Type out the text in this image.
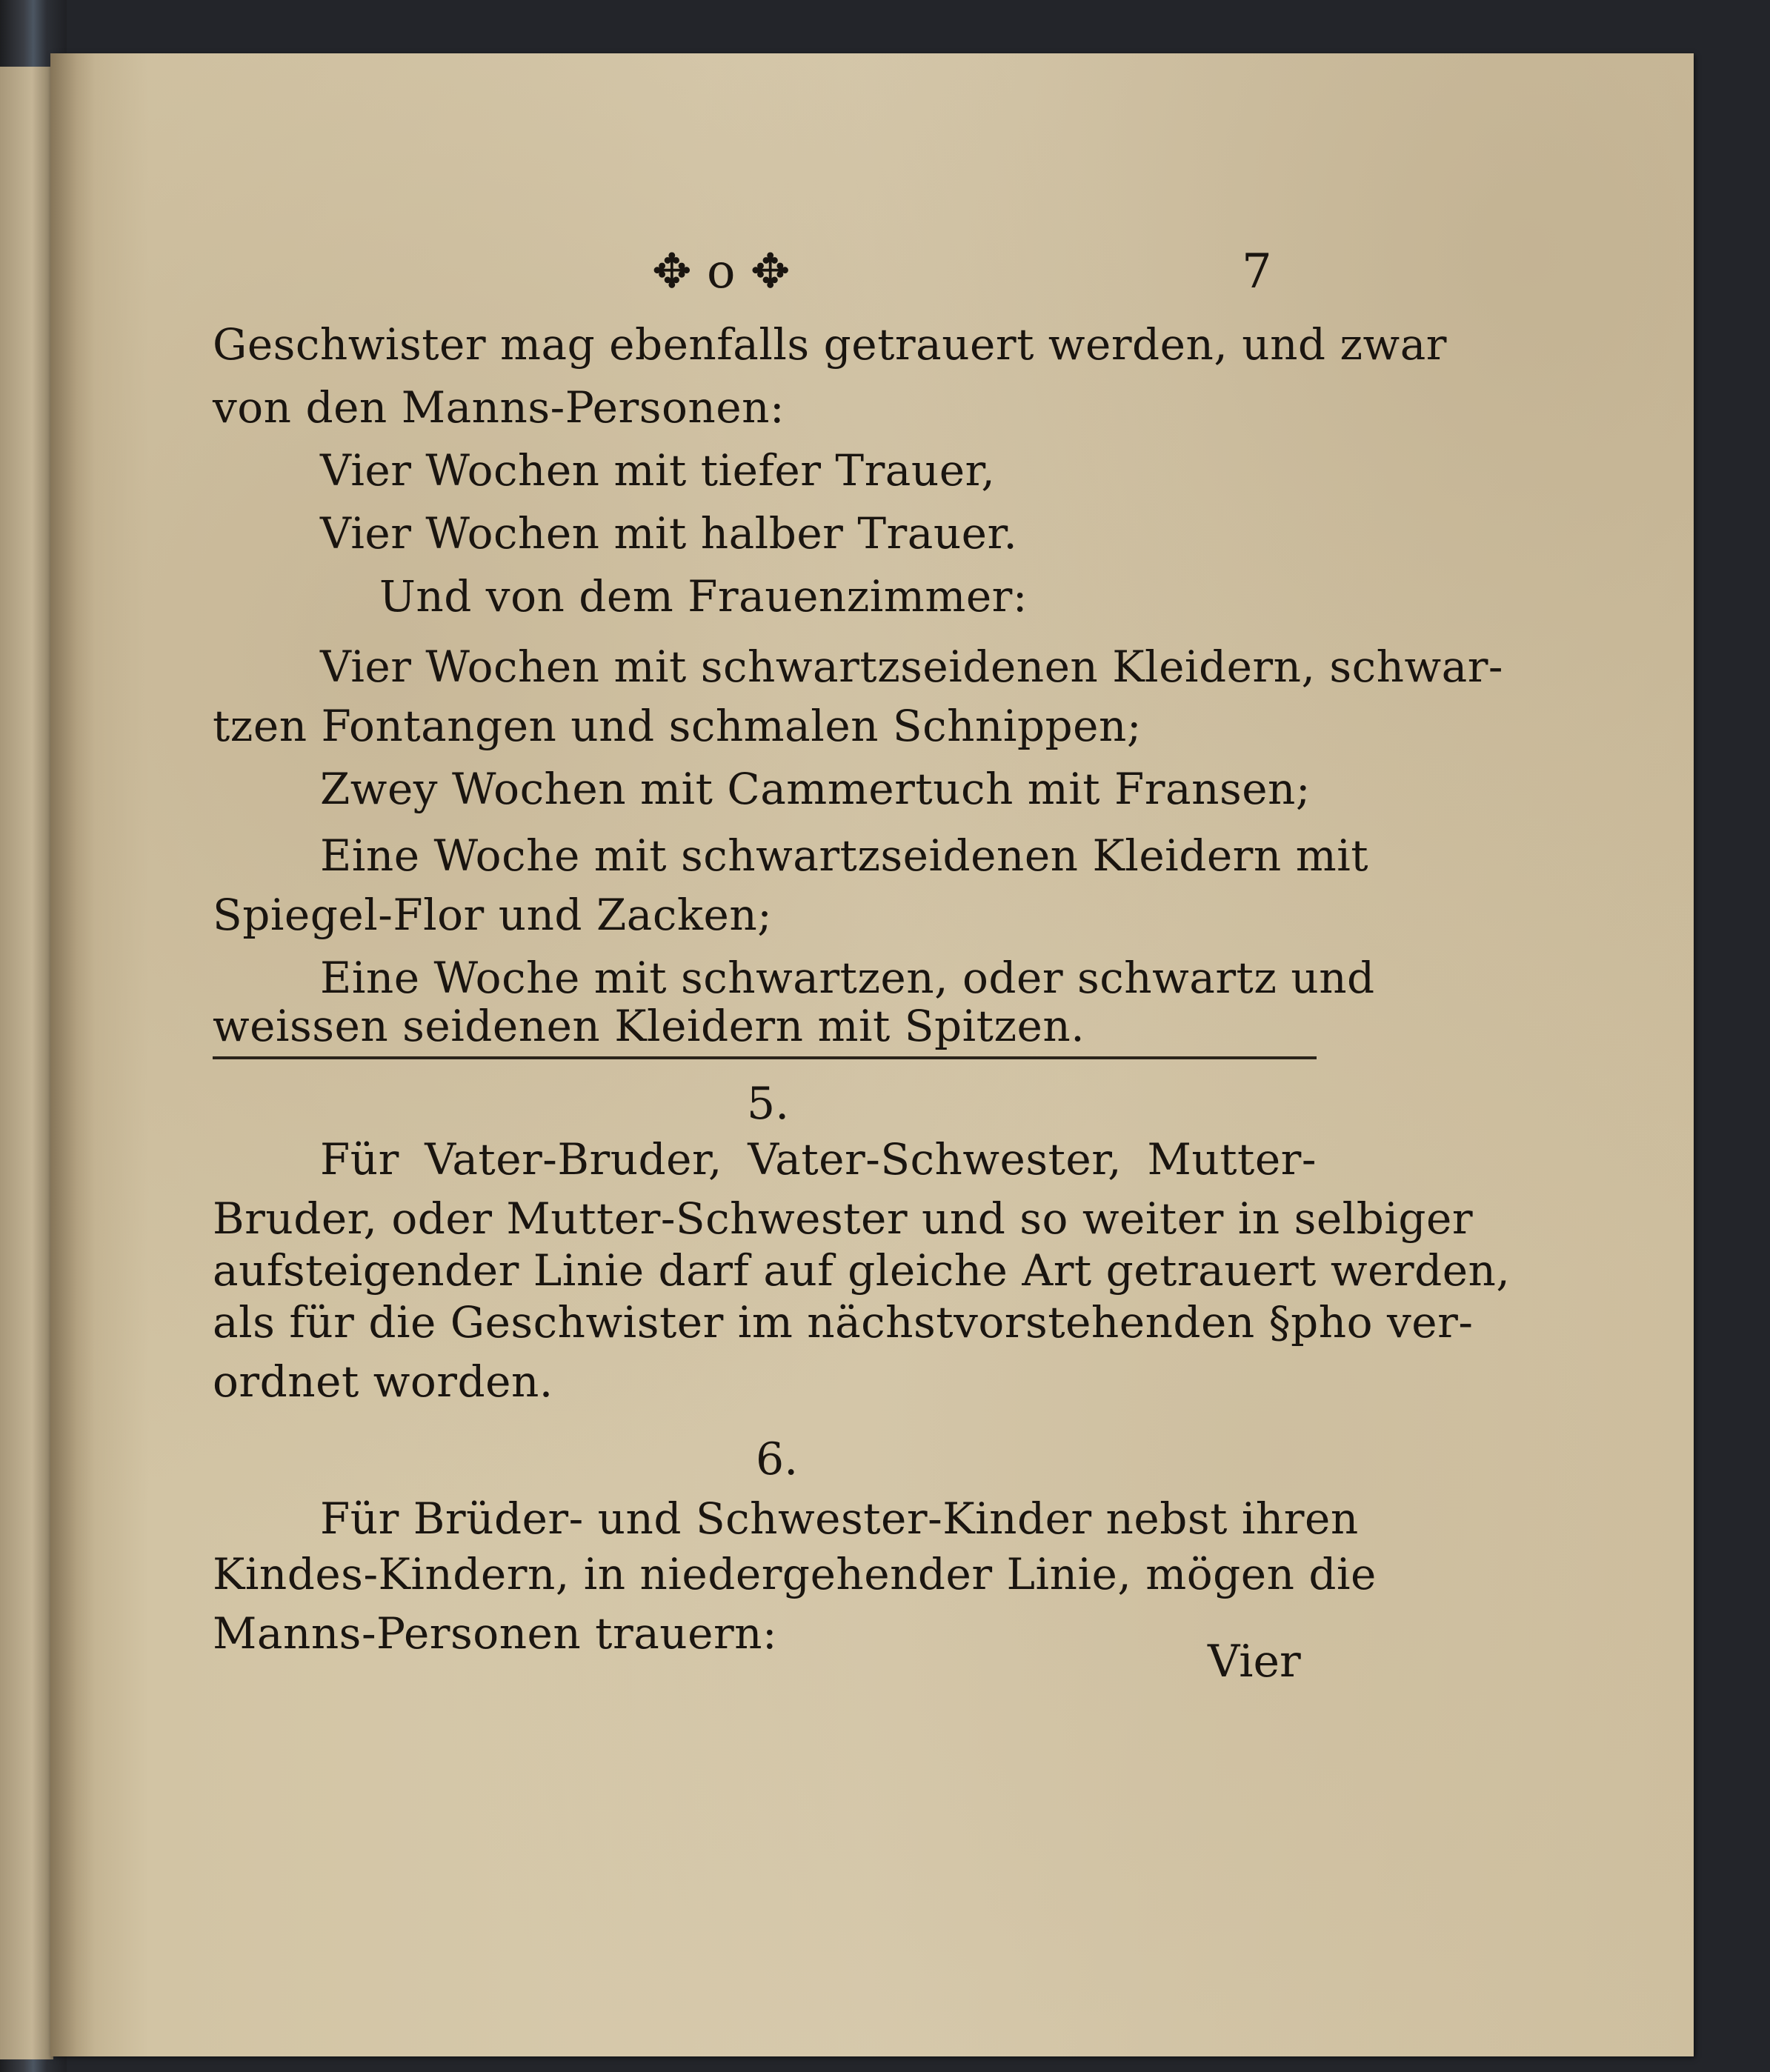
✥ o ✥	7
Geschwister mag ebenfalls getrauert werden, und zwar
von den Manns-Personen:
Vier Wochen mit tiefer Trauer,
Vier Wochen mit halber Trauer.
Und von dem Frauenzimmer:
Vier Wochen mit schwartzseidenen Kleidern, schwar-
tzen Fontangen und schmalen Schnippen;
Zwey Wochen mit Cammertuch mit Fransen;
Eine Woche mit schwartzseidenen Kleidern mit
Spiegel-Flor und Zacken;
Eine Woche mit schwartzen, oder schwartz und
weissen seidenen Kleidern mit Spitzen.
5.
Für Vater-Bruder, Vater-Schwester, Mutter-
Bruder, oder Mutter-Schwester und so weiter in selbiger
aufsteigender Linie darf auf gleiche Art getrauert werden,
als für die Geschwister im nächstvorstehenden §pho ver-
ordnet worden.
6.
Für Brüder- und Schwester-Kinder nebst ihren
Kindes-Kindern, in niedergehender Linie, mögen die
Manns-Personen trauern:
Vier
